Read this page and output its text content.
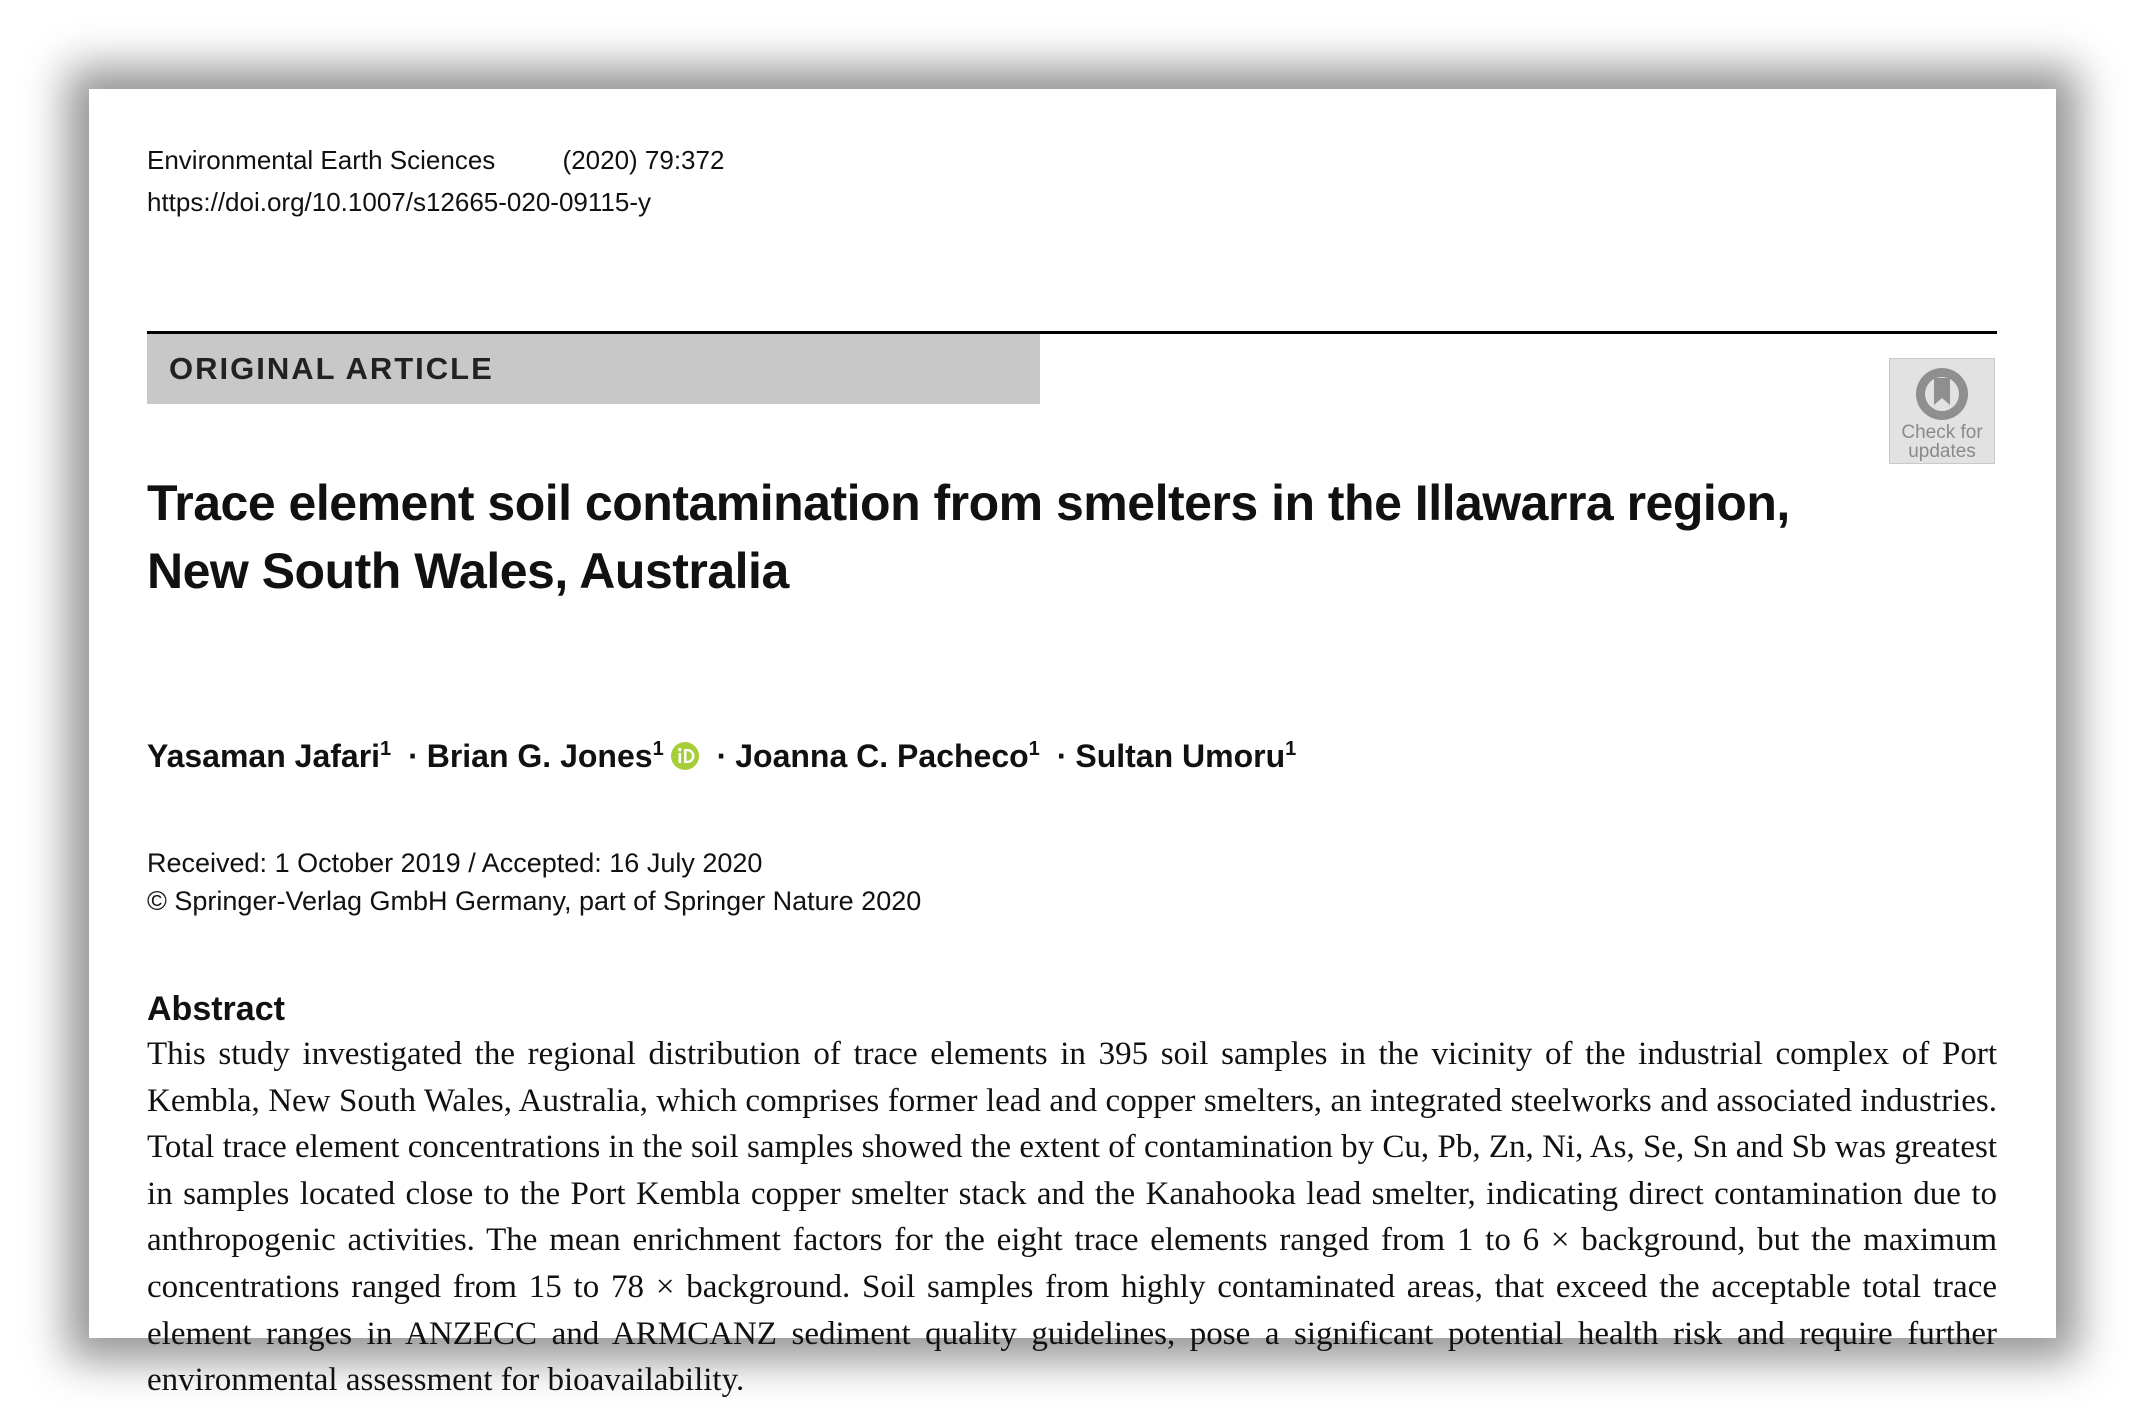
Environmental Earth Sciences	(2020) 79:372
https://doi.org/10.1007/s12665-020-09115-y
ORIGINAL ARTICLE
Check for
updates
Trace element soil contamination from smelters in the Illawarra region, New South Wales, Australia
Yasaman Jafari$^1$ · Brian G. Jones$^1$ · Joanna C. Pacheco$^1$ · Sultan Umoru$^1$
Received: 1 October 2019 / Accepted: 16 July 2020
© Springer-Verlag GmbH Germany, part of Springer Nature 2020
Abstract
This study investigated the regional distribution of trace elements in 395 soil samples in the vicinity of the industrial complex of Port Kembla, New South Wales, Australia, which comprises former lead and copper smelters, an integrated steelworks and associated industries. Total trace element concentrations in the soil samples showed the extent of contamination by Cu, Pb, Zn, Ni, As, Se, Sn and Sb was greatest in samples located close to the Port Kembla copper smelter stack and the Kanahooka lead smelter, indicating direct contamination due to anthropogenic activities. The mean enrichment factors for the eight trace elements ranged from 1 to 6 × background, but the maximum concentrations ranged from 15 to 78 × background. Soil samples from highly contaminated areas, that exceed the acceptable total trace element ranges in ANZECC and ARMCANZ sediment quality guidelines, pose a significant potential health risk and require further environmental assessment for bioavailability.
